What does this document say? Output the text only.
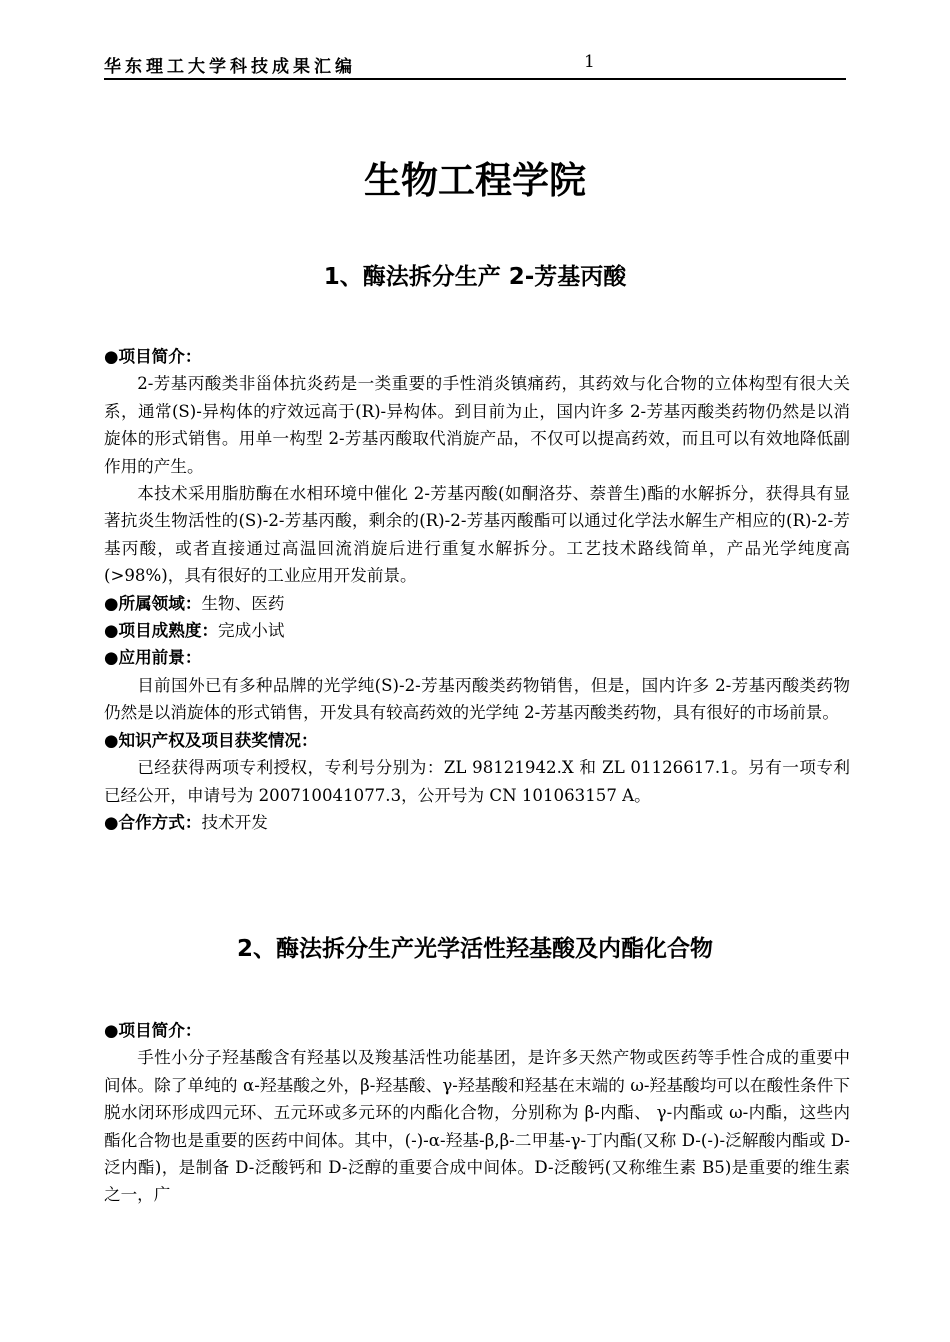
华东理工大学科技成果汇编	1
生物工程学院
1、酶法拆分生产 2-芳基丙酸

●项目简介：

2-芳基丙酸类非甾体抗炎药是一类重要的手性消炎镇痛药，其药效与化合物的立体构型有很大关系，通常(S)-异构体的疗效远高于(R)-异构体。到目前为止，国内许多 2-芳基丙酸类药物仍然是以消旋体的形式销售。用单一构型 2-芳基丙酸取代消旋产品，不仅可以提高药效，而且可以有效地降低副作用的产生。

本技术采用脂肪酶在水相环境中催化 2-芳基丙酸(如酮洛芬、萘普生)酯的水解拆分，获得具有显著抗炎生物活性的(S)-2-芳基丙酸，剩余的(R)-2-芳基丙酸酯可以通过化学法水解生产相应的(R)-2-芳基丙酸，或者直接通过高温回流消旋后进行重复水解拆分。工艺技术路线简单，产品光学纯度高(>98%)，具有很好的工业应用开发前景。

●所属领域：生物、医药

●项目成熟度：完成小试

●应用前景：

目前国外已有多种品牌的光学纯(S)-2-芳基丙酸类药物销售，但是，国内许多 2-芳基丙酸类药物仍然是以消旋体的形式销售，开发具有较高药效的光学纯 2-芳基丙酸类药物，具有很好的市场前景。

●知识产权及项目获奖情况：

已经获得两项专利授权，专利号分别为：ZL 98121942.X 和 ZL 01126617.1。另有一项专利已经公开，申请号为 200710041077.3，公开号为 CN 101063157 A。

●合作方式：技术开发

2、酶法拆分生产光学活性羟基酸及内酯化合物

●项目简介：

手性小分子羟基酸含有羟基以及羧基活性功能基团，是许多天然产物或医药等手性合成的重要中间体。除了单纯的 α-羟基酸之外，β-羟基酸、γ-羟基酸和羟基在末端的 ω-羟基酸均可以在酸性条件下脱水闭环形成四元环、五元环或多元环的内酯化合物，分别称为 β-内酯、 γ-内酯或 ω-内酯，这些内酯化合物也是重要的医药中间体。其中，(-)-α-羟基-β,β-二甲基-γ-丁内酯(又称 D-(-)-泛解酸内酯或 D-泛内酯)，是制备 D-泛酸钙和 D-泛醇的重要合成中间体。D-泛酸钙(又称维生素 B5)是重要的维生素之一，广
